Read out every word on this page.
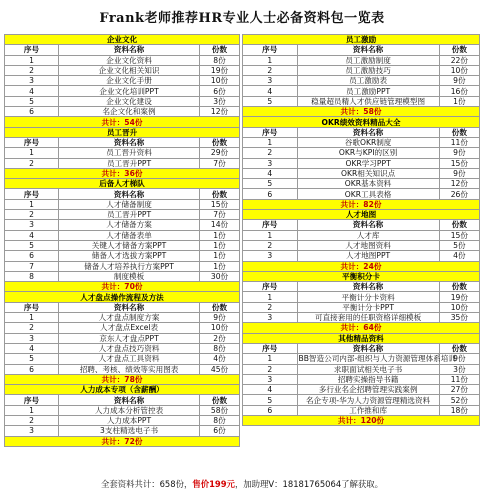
Frank老师推荐HR专业人士必备资料包一览表
企业文化		
序号	资料名称	份数
1	企业文化资料	8份
2	企业文化相关知识	19份
3	企业文化手册	10份
4	企业文化培训PPT	6份
5	企业文化建设	3份
6	名企文化和案例	12份
共计：54份		
员工晋升		
序号	资料名称	份数
1	员工晋升资料	29份
2	员工晋升PPT	7份
共计：36份		
后备人才梯队		
序号	资料名称	份数
1	人才储备制度	15份
2	员工晋升PPT	7份
3	人才储备方案	14份
4	人才储备表单	1份
5	关键人才储备方案PPT	1份
6	储备人才选拔方案PPT	1份
7	储备人才培养执行方案PPT	1份
8	制度模板	30份
共计：70份		
人才盘点操作流程及方法		
序号	资料名称	份数
1	人才盘点制度方案	9份
2	人才盘点Excel表	10份
3	京东人才盘点PPT	2份
4	人才盘点技巧资料	8份
5	人才盘点工具资料	4份
6	招聘、考核、绩效等实用图表	45份
共计：78份		
人力成本专项（含薪酬）		
序号	资料名称	份数
1	人力成本分析管控表	58份
2	人力成本PPT	8份
3	3支柱精选电子书	6份
共计：72份		
员工激励		
序号	资料名称	份数
1	员工激励制度	22份
2	员工激励技巧	10份
3	员工激励表	9份
4	员工激励PPT	16份
5	稳量超员精人才供应链管理模型图	1份
共计：58份		
OKR绩效资料精品大全		
序号	资料名称	份数
1	谷歌OKR制度	11份
2	OKR与KPI的区别	9份
3	OKR学习PPT	15份
4	OKR相关知识点	9份
5	OKR基本资料	12份
6	OKR工具表格	26份
共计：82份		
人才地图		
序号	资料名称	份数
1	人才库	15份
2	人才地图资料	5份
3	人才地图PPT	4份
共计：24份		
平衡积分卡		
序号	资料名称	份数
1	平衡计分卡资料	19份
2	平衡计分卡PPT	10份
3	可直接套用的任职资格详细模板	35份
共计：64份		
其他精品资料		
序号	资料名称	份数
1	BB智造公司内部-组织与人力资源管理体系培训	9份
2	求职面试相关电子书	3份
3	招聘实操指导书籍	11份
4	多行业名企招聘管理实践案例	27份
5	名企专项-华为人力资源管理精选资料	52份
6	工作推和库	18份
共计：120份		
全套资料共计：658份，售价199元，加助理V：18181765064了解获取。
